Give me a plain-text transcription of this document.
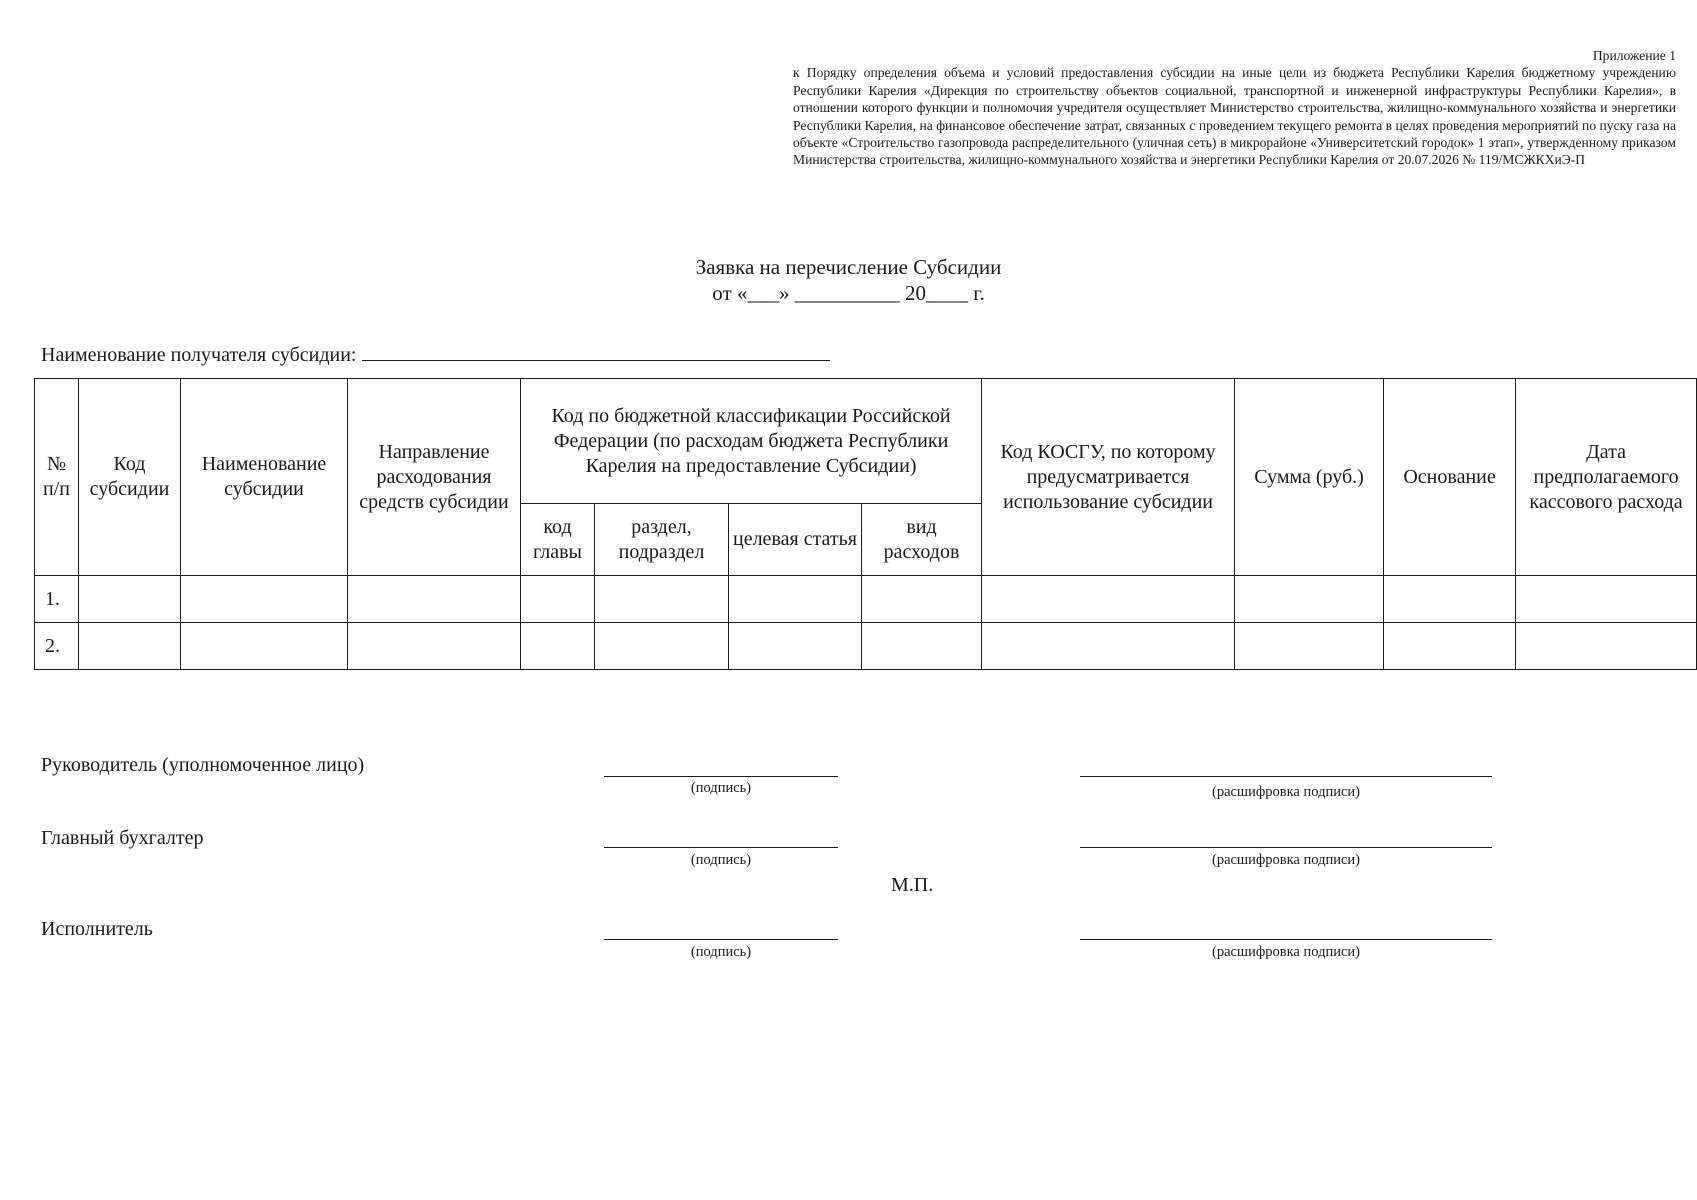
Приложение 1
к Порядку определения объема и условий предоставления субсидии на иные цели из бюджета Республики Карелия бюджетному учреждению Республики Карелия «Дирекция по строительству объектов социальной, транспортной и инженерной инфраструктуры Республики Карелия», в отношении которого функции и полномочия учредителя осуществляет Министерство строительства, жилищно-коммунального хозяйства и энергетики Республики Карелия, на финансовое обеспечение затрат, связанных с проведением текущего ремонта в целях проведения мероприятий по пуску газа на объекте «Строительство газопровода распределительного (уличная сеть) в микрорайоне «Университетский городок» 1 этап», утвержденному приказом Министерства строительства, жилищно-коммунального хозяйства и энергетики Республики Карелия от 20.07.2026 № 119/МСЖКХиЭ-П
Заявка на перечисление Субсидии
от «___» __________ 20____ г.
Наименование получателя субсидии:
№ п/п	Код субсидии	Наименование субсидии	Направление расходования средств субсидии	Код по бюджетной классификации Российской Федерации (по расходам бюджета Республики Карелия на предоставление Субсидии)				Код КОСГУ, по которому предусматривается использование субсидии	Сумма (руб.)	Основание	Дата предполагаемого кассового расхода
				код главы	раздел, подраздел	целевая статья	вид расходов				
1.											
2.											
Руководитель (уполномоченное лицо)
(подпись)	(расшифровка подписи)
Главный бухгалтер
(подпись)	(расшифровка подписи)
М.П.
Исполнитель
(подпись)	(расшифровка подписи)
